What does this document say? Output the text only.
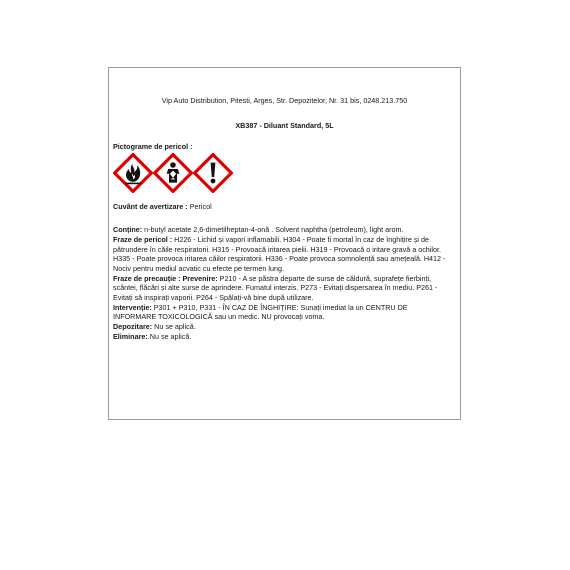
Vip Auto Distribution, Pitesti, Arges, Str. Depozitelor, Nr. 31 bis, 0248.213.750
XB387 - Diluant Standard, 5L
Pictograme de pericol :
Cuvânt de avertizare : Pericol

Conține: n-butyl acetate 2,6-dimetilheptan-4-onă . Solvent naphtha (petroleum), light arom.

Fraze de pericol : H226 - Lichid și vapori inflamabili. H304 - Poate fi mortal în caz de înghițire și de pătrundere în căile respiratorii. H315 - Provoacă iritarea pielii. H319 - Provoacă o iritare gravă a ochilor. H335 - Poate provoca iritarea căilor respiratorii. H336 - Poate provoca somnolență sau amețeală. H412 - Nociv pentru mediul acvatic cu efecte pe termen lung.

Fraze de precauție : Prevenire: P210 - A se păstra departe de surse de căldură, suprafețe fierbinți, scântei, flăcări și alte surse de aprindere. Fumatul interzis. P273 - Evitați dispersarea în mediu. P261 - Evitați să inspirați vaporii. P264 - Spălați-vă bine după utilizare.

Intervenție: P301 + P310, P331 - ÎN CAZ DE ÎNGHIȚIRE: Sunați imediat la un CENTRU DE INFORMARE TOXICOLOGICĂ sau un medic. NU provocați voma.

Depozitare: Nu se aplică.

Eliminare: Nu se aplică.
